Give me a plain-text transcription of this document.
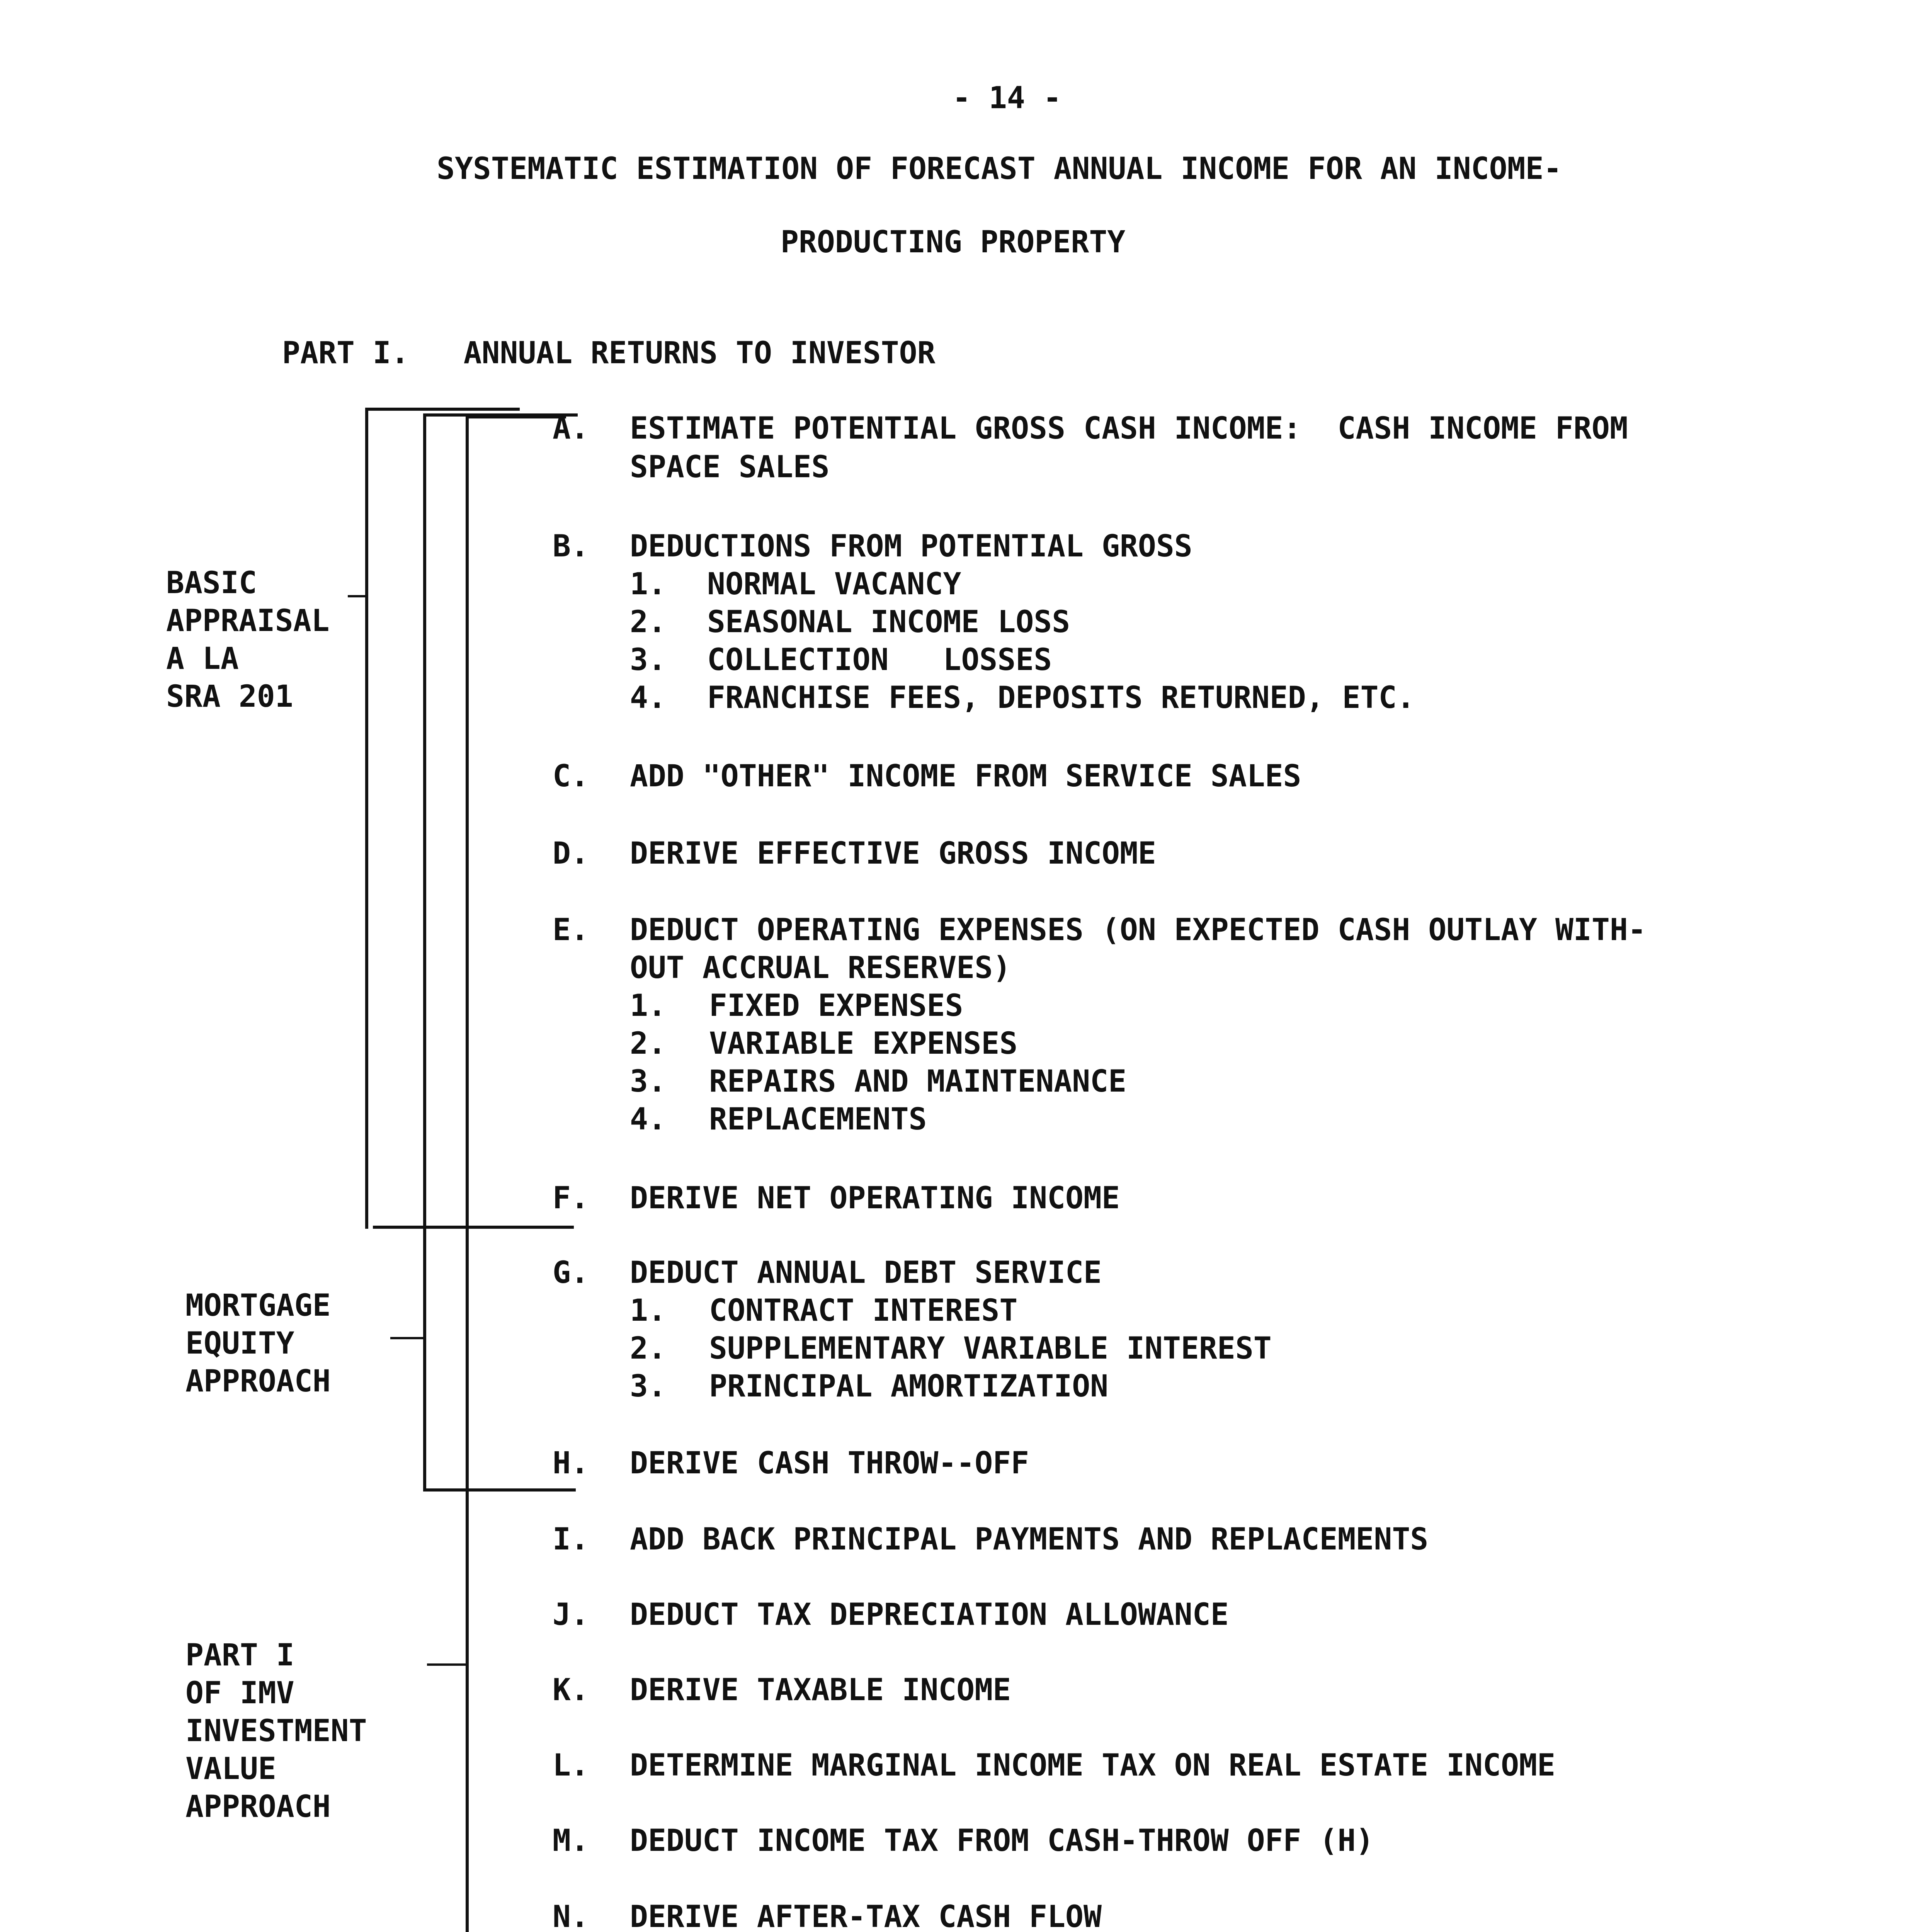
- 14 -
SYSTEMATIC ESTIMATION OF FORECAST ANNUAL INCOME FOR AN INCOME-
PRODUCTING PROPERTY
PART I.   ANNUAL RETURNS TO INVESTOR
BASIC
APPRAISAL
A LA
SRA 201
MORTGAGE
EQUITY
APPROACH
PART I
OF IMV
INVESTMENT
VALUE
APPROACH
A. ESTIMATE POTENTIAL GROSS CASH INCOME:  CASH INCOME FROM
SPACE SALES
B. DEDUCTIONS FROM POTENTIAL GROSS
1. NORMAL VACANCY
2. SEASONAL INCOME LOSS
3. COLLECTION   LOSSES
4. FRANCHISE FEES, DEPOSITS RETURNED, ETC.
C. ADD "OTHER" INCOME FROM SERVICE SALES
D. DERIVE EFFECTIVE GROSS INCOME
E. DEDUCT OPERATING EXPENSES (ON EXPECTED CASH OUTLAY WITH-
OUT ACCRUAL RESERVES)
1. FIXED EXPENSES
2. VARIABLE EXPENSES
3. REPAIRS AND MAINTENANCE
4. REPLACEMENTS
F. DERIVE NET OPERATING INCOME
G. DEDUCT ANNUAL DEBT SERVICE
1. CONTRACT INTEREST
2. SUPPLEMENTARY VARIABLE INTEREST
3. PRINCIPAL AMORTIZATION
H. DERIVE CASH THROW--OFF
I. ADD BACK PRINCIPAL PAYMENTS AND REPLACEMENTS
J. DEDUCT TAX DEPRECIATION ALLOWANCE
K. DERIVE TAXABLE INCOME
L. DETERMINE MARGINAL INCOME TAX ON REAL ESTATE INCOME
M. DEDUCT INCOME TAX FROM CASH-THROW OFF (H)
N. DERIVE AFTER-TAX CASH FLOW
